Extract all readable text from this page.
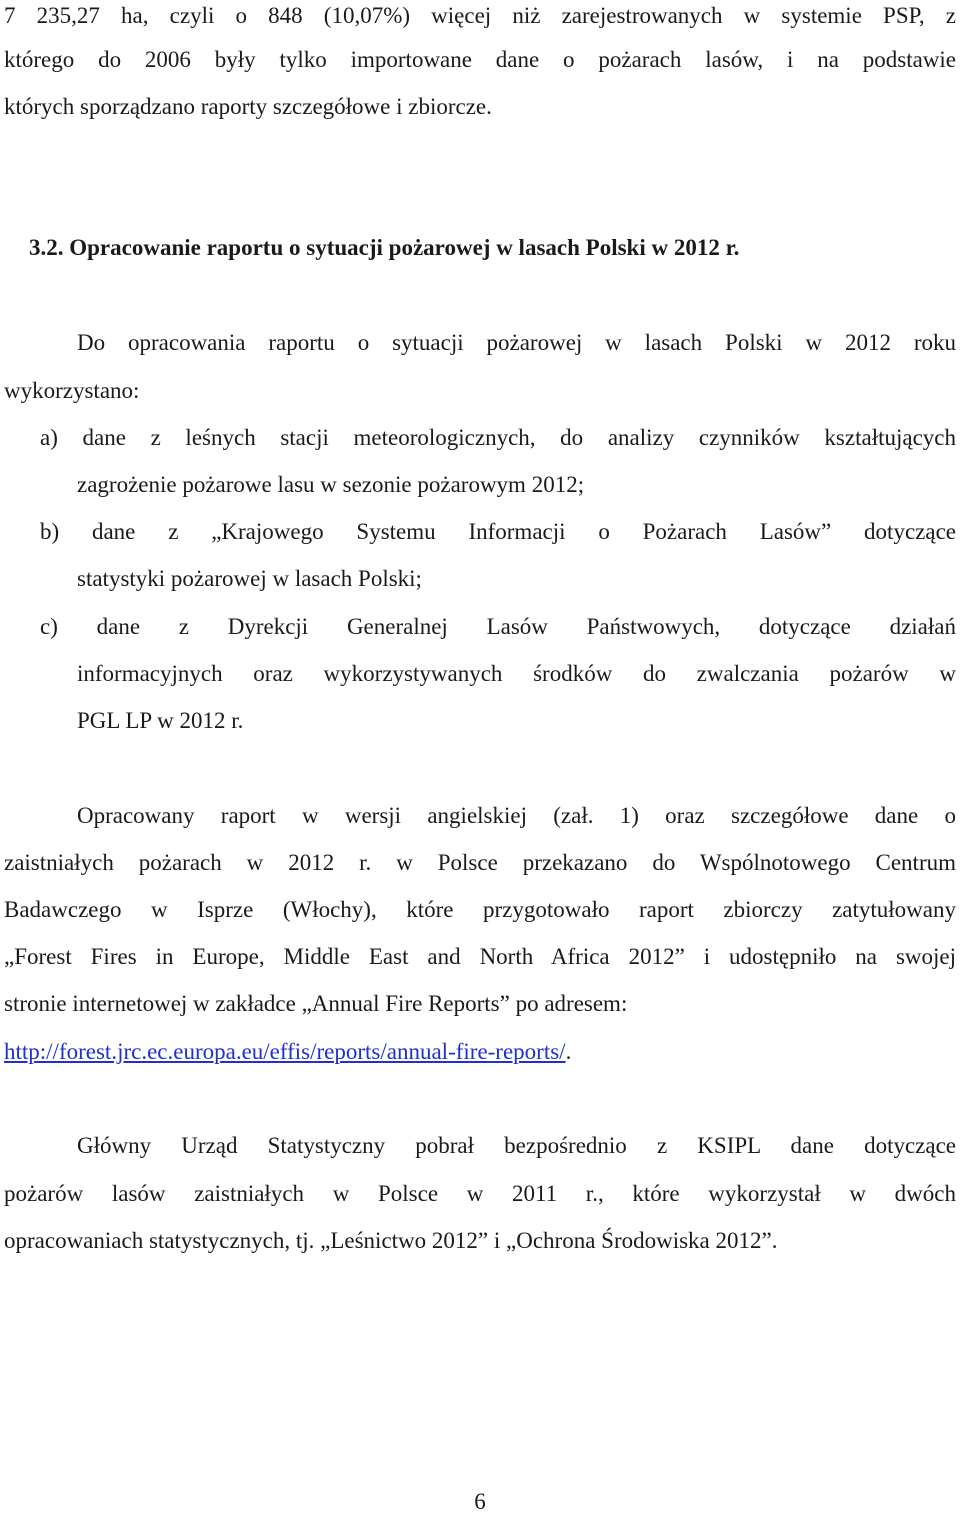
7 235,27 ha, czyli o 848 (10,07%) więcej niż zarejestrowanych w systemie PSP, z

którego do 2006 były tylko importowane dane o pożarach lasów, i na podstawie

których sporządzano raporty szczegółowe i zbiorcze.

3.2. Opracowanie raportu o sytuacji pożarowej w lasach Polski w 2012 r.

Do opracowania raportu o sytuacji pożarowej w lasach Polski w 2012 roku

wykorzystano:

a) dane z leśnych stacji meteorologicznych, do analizy czynników kształtujących

zagrożenie pożarowe lasu w sezonie pożarowym 2012;

b) dane z „Krajowego Systemu Informacji o Pożarach Lasów” dotyczące

statystyki pożarowej w lasach Polski;

c) dane z Dyrekcji Generalnej Lasów Państwowych, dotyczące działań

informacyjnych oraz wykorzystywanych środków do zwalczania pożarów w

PGL LP w 2012 r.

Opracowany raport w wersji angielskiej (zał. 1) oraz szczegółowe dane o

zaistniałych pożarach w 2012 r. w Polsce przekazano do Wspólnotowego Centrum

Badawczego w Isprze (Włochy), które przygotowało raport zbiorczy zatytułowany

„Forest Fires in Europe, Middle East and North Africa 2012” i udostępniło na swojej

stronie internetowej w zakładce „Annual Fire Reports” po adresem:

http://forest.jrc.ec.europa.eu/effis/reports/annual-fire-reports/.

Główny Urząd Statystyczny pobrał bezpośrednio z KSIPL dane dotyczące

pożarów lasów zaistniałych w Polsce w 2011 r., które wykorzystał w dwóch

opracowaniach statystycznych, tj. „Leśnictwo 2012” i „Ochrona Środowiska 2012”.

6
